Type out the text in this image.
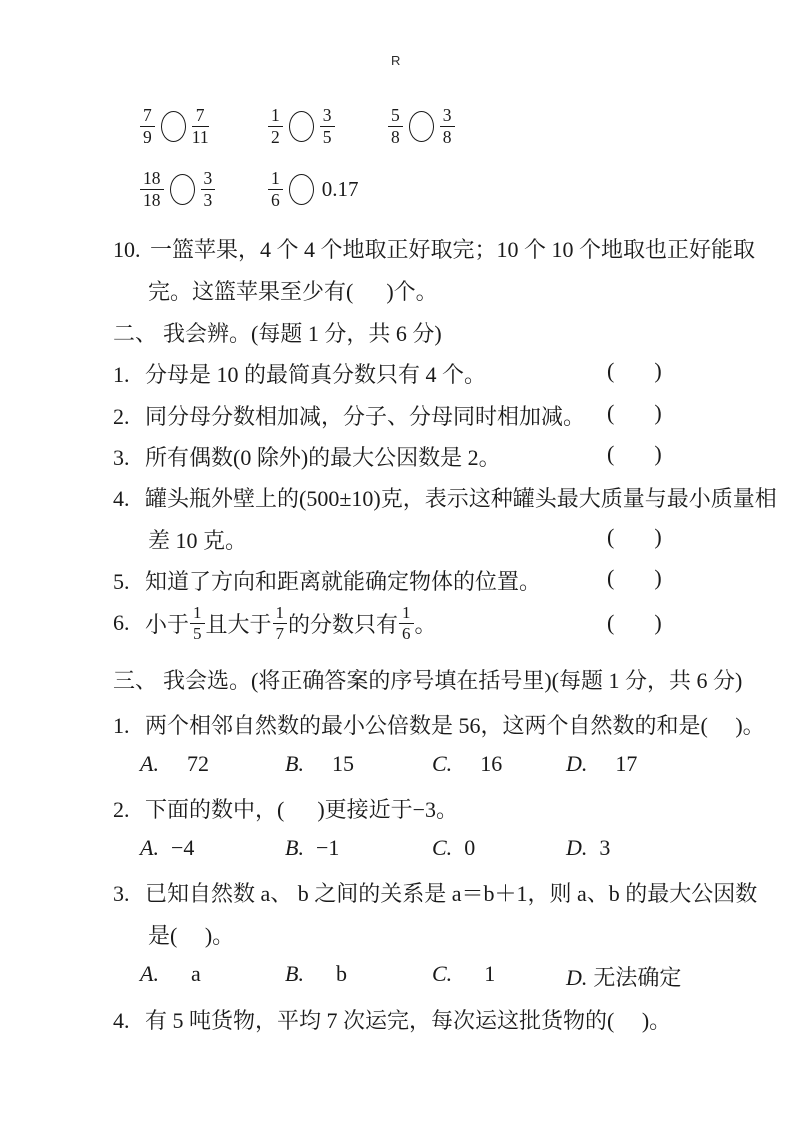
R
$\frac{7}{9} \frac{7}{11}$	$\frac{1}{2} \frac{3}{5}$	$\frac{5}{8} \frac{3}{8}$
$\frac{18}{18} \frac{3}{3}$	$\frac{1}{6} 0.17$
10. 一篮苹果，4 个 4 个地取正好取完；10 个 10 个地取也正好能取
完。这篮苹果至少有(      )个。
二、 我会辨。(每题 1 分，共 6 分)
1. 分母是 10 的最简真分数只有 4 个。	(      )
2. 同分母分数相加减，分子、分母同时相加减。 (      )
3. 所有偶数(0 除外)的最大公因数是 2。	(      )
4. 罐头瓶外壁上的(500±10)克，表示这种罐头最大质量与最小质量相
差 10 克。	(      )
5. 知道了方向和距离就能确定物体的位置。	(      )
6. 小于 $\frac{1}{5}$ 且大于 $\frac{1}{7}$ 的分数只有 $\frac{1}{6}$ 。	(      )
三、 我会选。(将正确答案的序号填在括号里)(每题 1 分，共 6 分)
1. 两个相邻自然数的最小公倍数是 56，这两个自然数的和是(     )。
A. 72	B. 15	C. 16	D. 17
2. 下面的数中，(      )更接近于−3。
A. −4	B. −1	C. 0	D. 3
3. 已知自然数 a、 b 之间的关系是 a＝b＋1，则 a、b 的最大公因数
是(     )。
A. a	B. b	C. 1	D. 无法确定
4. 有 5 吨货物，平均 7 次运完，每次运这批货物的(     )。
